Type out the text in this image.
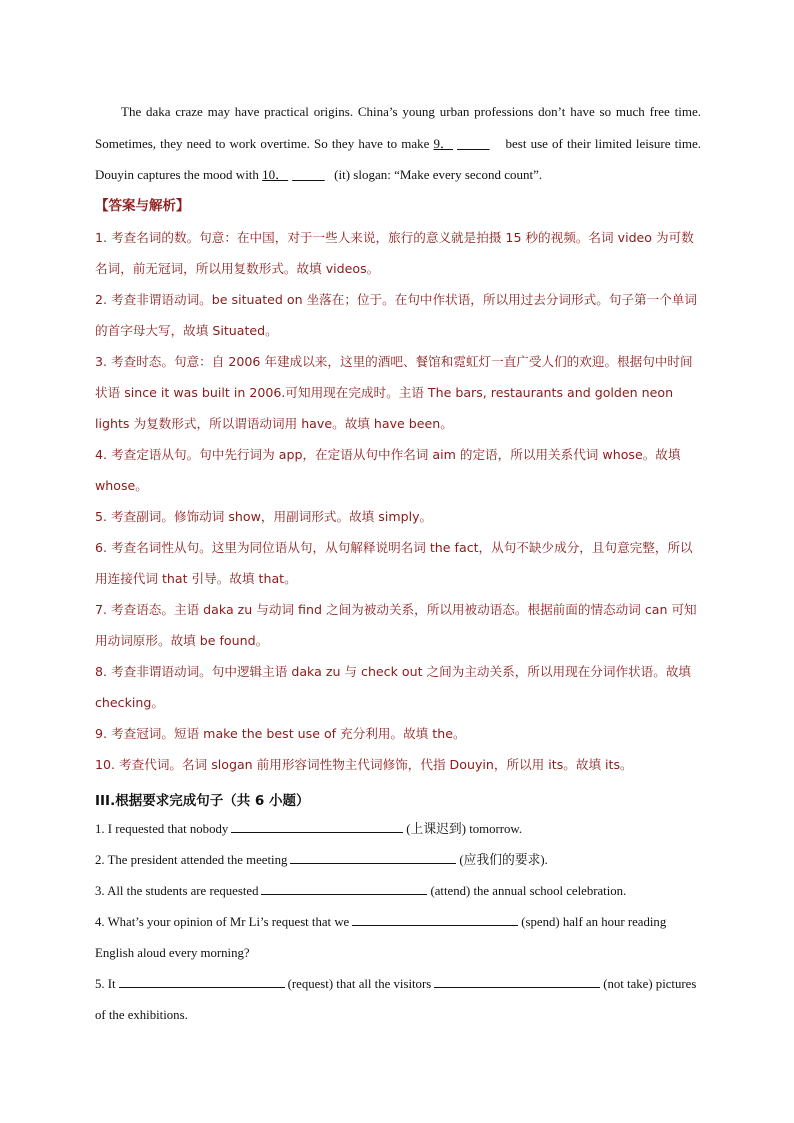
The daka craze may have practical origins. China’s young urban professions don’t have so much free time. Sometimes, they need to work overtime. So they have to make 9．	best use of their limited leisure time. Douyin captures the mood with 10．	(it) slogan: “Make every second count”.
【答案与解析】

1. 考查名词的数。句意：在中国，对于一些人来说，旅行的意义就是拍摄 15 秒的视频。名词 video 为可数名词，前无冠词，所以用复数形式。故填 videos。

2. 考查非谓语动词。be situated on 坐落在；位于。在句中作状语，所以用过去分词形式。句子第一个单词的首字母大写，故填 Situated。

3. 考查时态。句意：自 2006 年建成以来，这里的酒吧、餐馆和霓虹灯一直广受人们的欢迎。根据句中时间状语 since it was built in 2006.可知用现在完成时。主语 The bars, restaurants and golden neon lights 为复数形式，所以谓语动词用 have。故填 have been。

4. 考查定语从句。句中先行词为 app，在定语从句中作名词 aim 的定语，所以用关系代词 whose。故填 whose。

5. 考查副词。修饰动词 show，用副词形式。故填 simply。

6. 考查名词性从句。这里为同位语从句，从句解释说明名词 the fact，从句不缺少成分，且句意完整，所以用连接代词 that 引导。故填 that。

7. 考查语态。主语 daka zu 与动词 find 之间为被动关系，所以用被动语态。根据前面的情态动词 can 可知用动词原形。故填 be found。

8. 考查非谓语动词。句中逻辑主语 daka zu 与 check out 之间为主动关系，所以用现在分词作状语。故填 checking。

9. 考查冠词。短语 make the best use of 充分利用。故填 the。

10. 考查代词。名词 slogan 前用形容词性物主代词修饰，代指 Douyin，所以用 its。故填 its。

III.根据要求完成句子（共 6 小题）
1. I requested that nobody	(上课迟到) tomorrow.
2. The president attended the meeting	(应我们的要求).
3. All the students are requested	(attend) the annual school celebration.
4. What’s your opinion of Mr Li’s request that we	(spend) half an hour reading English aloud every morning?
5. It	(request) that all the visitors	(not take) pictures of the exhibitions.
